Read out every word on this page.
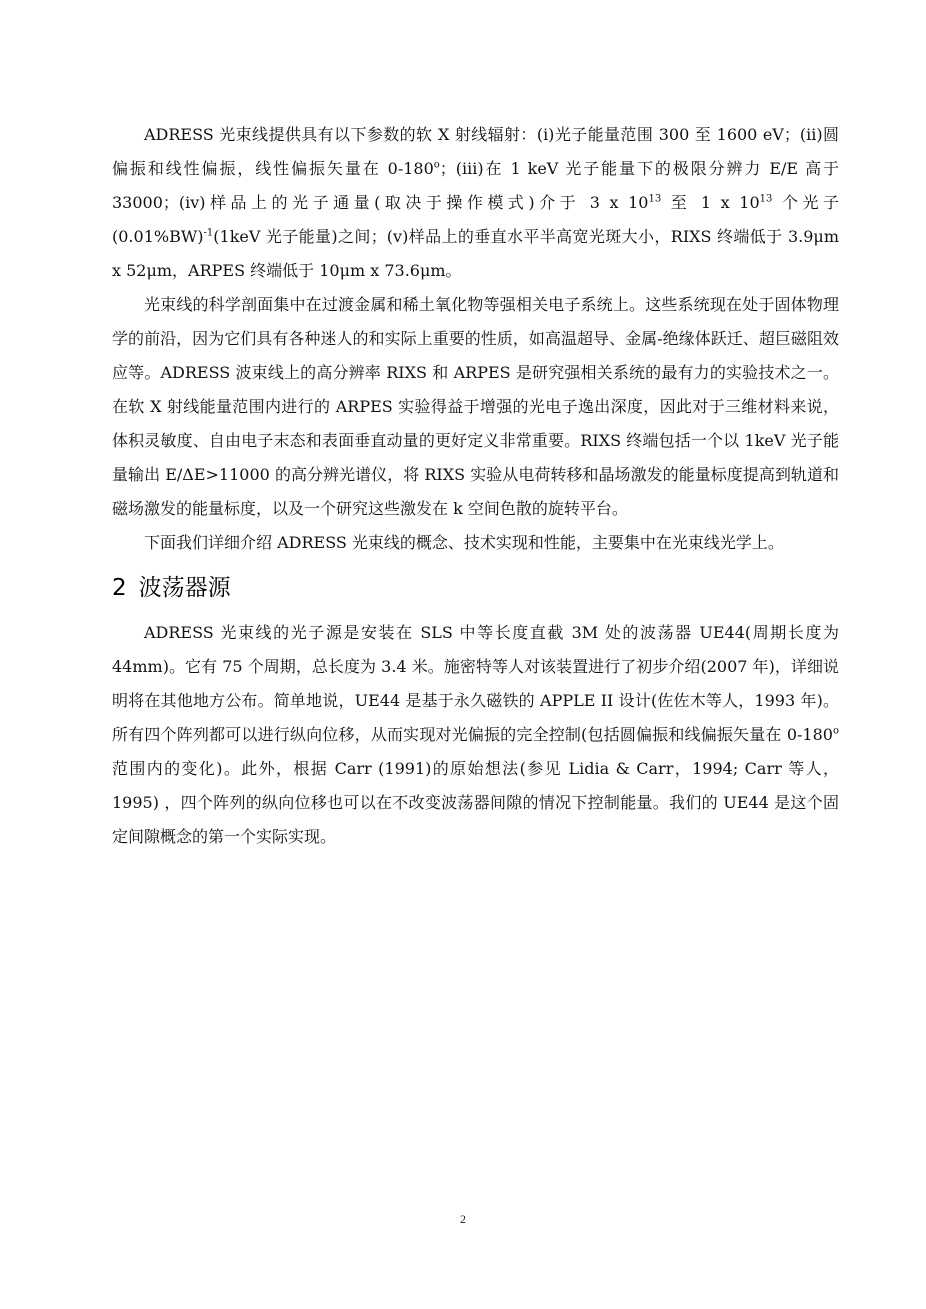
ADRESS 光束线提供具有以下参数的软 X 射线辐射：(i)光子能量范围 300 至 1600 eV；(ii)圆偏振和线性偏振，线性偏振矢量在 0-180$^o$；(iii)在 1 keV 光子能量下的极限分辨力 E/E 高于 33000；(iv)样品上的光子通量(取决于操作模式)介于 3 x $10^{13}$ 至 1 x $10^{13}$ 个光子 $(0.01\%BW)^{-1}(1keV$ 光子能量)之间；(v)样品上的垂直水平半高宽光斑大小，RIXS 终端低于 3.9μm x 52μm，ARPES 终端低于 10μm x 73.6μm。

光束线的科学剖面集中在过渡金属和稀土氧化物等强相关电子系统上。这些系统现在处于固体物理学的前沿，因为它们具有各种迷人的和实际上重要的性质，如高温超导、金属-绝缘体跃迁、超巨磁阻效应等。ADRESS 波束线上的高分辨率 RIXS 和 ARPES 是研究强相关系统的最有力的实验技术之一。 在软 X 射线能量范围内进行的 ARPES 实验得益于增强的光电子逸出深度，因此对于三维材料来说，体积灵敏度、自由电子末态和表面垂直动量的更好定义非常重要。RIXS 终端包括一个以 1keV 光子能量输出 E/ΔE>11000 的高分辨光谱仪，将 RIXS 实验从电荷转移和晶场激发的能量标度提高到轨道和磁场激发的能量标度，以及一个研究这些激发在 k 空间色散的旋转平台。

下面我们详细介绍 ADRESS 光束线的概念、技术实现和性能，主要集中在光束线光学上。

2 波荡器源

ADRESS 光束线的光子源是安装在 SLS 中等长度直截 3M 处的波荡器 UE44(周期长度为 44mm)。它有 75 个周期，总长度为 3.4 米。施密特等人对该装置进行了初步介绍(2007 年)，详细说明将在其他地方公布。简单地说，UE44 是基于永久磁铁的 APPLE II 设计(佐佐木等人，1993 年)。所有四个阵列都可以进行纵向位移，从而实现对光偏振的完全控制(包括圆偏振和线偏振矢量在 0-180$^o$ 范围内的变化)。此外，根据 Carr (1991)的原始想法(参见 Lidia & Carr，1994; Carr 等人，1995) ，四个阵列的纵向位移也可以在不改变波荡器间隙的情况下控制能量。我们的 UE44 是这个固定间隙概念的第一个实际实现。

2
